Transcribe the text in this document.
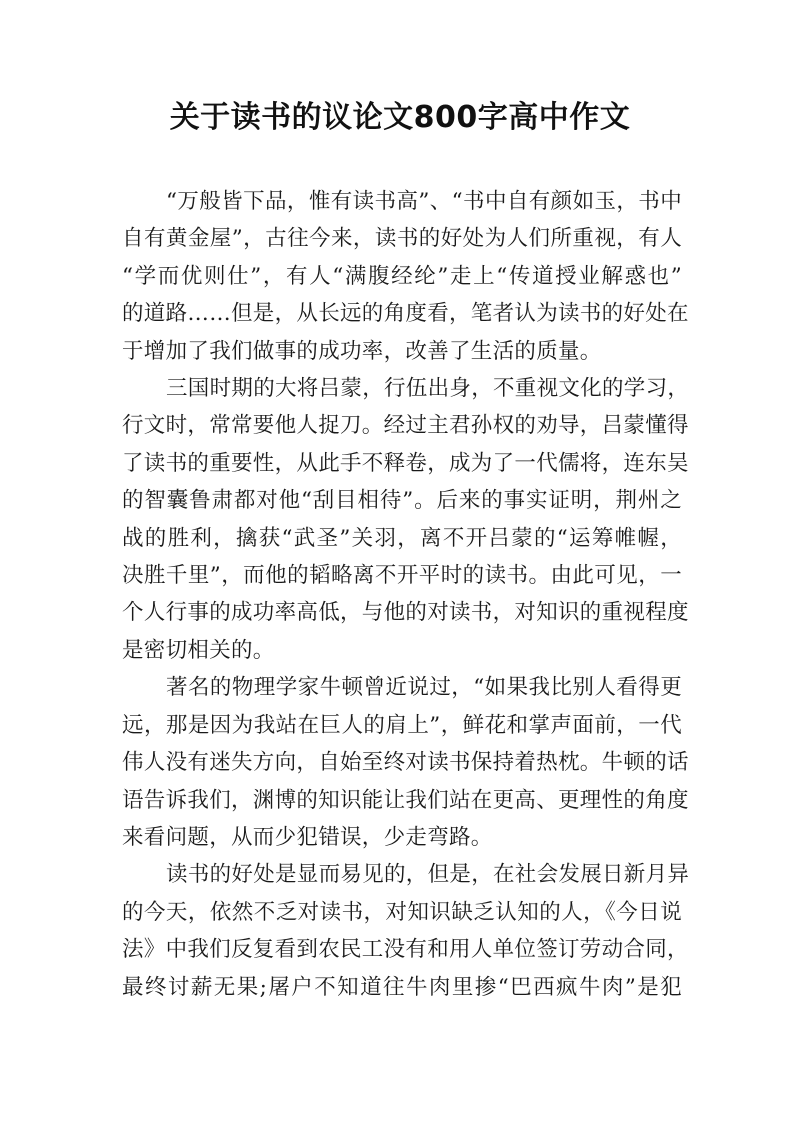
关于读书的议论文800字高中作文
“万般皆下品，惟有读书高”、“书中自有颜如玉，书中
自有黄金屋”，古往今来，读书的好处为人们所重视，有人
“学而优则仕”，有人“满腹经纶”走上“传道授业解惑也”
的道路……但是，从长远的角度看，笔者认为读书的好处在
于增加了我们做事的成功率，改善了生活的质量。
三国时期的大将吕蒙，行伍出身，不重视文化的学习，
行文时，常常要他人捉刀。经过主君孙权的劝导，吕蒙懂得
了读书的重要性，从此手不释卷，成为了一代儒将，连东吴
的智囊鲁肃都对他“刮目相待”。后来的事实证明，荆州之
战的胜利，擒获“武圣”关羽，离不开吕蒙的“运筹帷幄，
决胜千里”，而他的韬略离不开平时的读书。由此可见，一
个人行事的成功率高低，与他的对读书，对知识的重视程度
是密切相关的。
著名的物理学家牛顿曾近说过，“如果我比别人看得更
远，那是因为我站在巨人的肩上”，鲜花和掌声面前，一代
伟人没有迷失方向，自始至终对读书保持着热枕。牛顿的话
语告诉我们，渊博的知识能让我们站在更高、更理性的角度
来看问题，从而少犯错误，少走弯路。
读书的好处是显而易见的，但是，在社会发展日新月异
的今天，依然不乏对读书，对知识缺乏认知的人，《今日说
法》中我们反复看到农民工没有和用人单位签订劳动合同，
最终讨薪无果;屠户不知道往牛肉里掺“巴西疯牛肉”是犯
